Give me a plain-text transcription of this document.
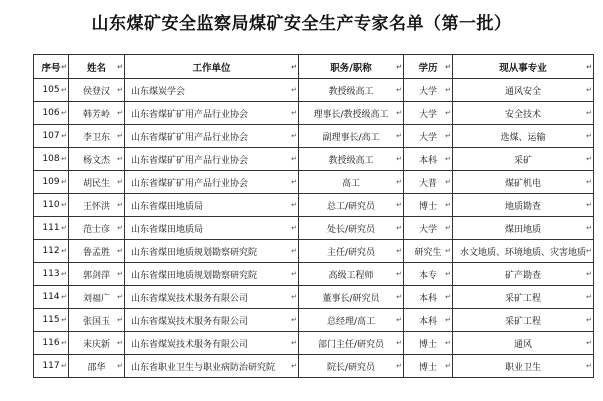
山东煤矿安全监察局煤矿安全生产专家名单（第一批）
序号 ↵	姓名 ↵	工作单位 ↵	职务/职称 ↵	学历 ↵	现从事专业 ↵

105 ↵	侯登汉 ↵	山东煤炭学会 ↵	教授级高工 ↵	大学 ↵	通风安全 ↵

106 ↵	韩芳岭 ↵	山东省煤矿矿用产品行业协会 ↵	理事长/教授级高工 ↵	大学 ↵	安全技术 ↵

107 ↵	李卫东 ↵	山东省煤矿矿用产品行业协会 ↵	副理事长/高工 ↵	大学 ↵	选煤、运输 ↵

108 ↵	杨文杰 ↵	山东省煤矿矿用产品行业协会 ↵	教授级高工 ↵	本科 ↵	采矿 ↵

109 ↵	胡民生 ↵	山东省煤矿矿用产品行业协会 ↵	高工 ↵	大普 ↵	煤矿机电 ↵

110 ↵	王怀洪 ↵	山东省煤田地质局 ↵	总工/研究员 ↵	博士 ↵	地质勘查 ↵

111 ↵	范士彦 ↵	山东省煤田地质局 ↵	处长/研究员 ↵	大学 ↵	煤田地质 ↵

112 ↵	鲁孟胜 ↵	山东省煤田地质规划勘察研究院 ↵	主任/研究员 ↵	研究生 ↵	水文地质、环境地质、灾害地质 ↵

113 ↵	郭剑萍 ↵	山东省煤田地质规划勘察研究院 ↵	高级工程师 ↵	本专 ↵	矿产勘查 ↵

114 ↵	刘福广 ↵	山东省煤炭技术服务有限公司 ↵	董事长/研究员 ↵	本科 ↵	采矿工程 ↵

115 ↵	张国玉 ↵	山东省煤炭技术服务有限公司 ↵	总经理/高工 ↵	本科 ↵	采矿工程 ↵

116 ↵	耒庆新 ↵	山东省煤炭技术服务有限公司 ↵	部门主任/研究员 ↵	博士 ↵	通风 ↵

117 ↵	邵华 ↵	山东省职业卫生与职业病防治研究院 ↵	院长/研究员 ↵	博士 ↵	职业卫生 ↵
